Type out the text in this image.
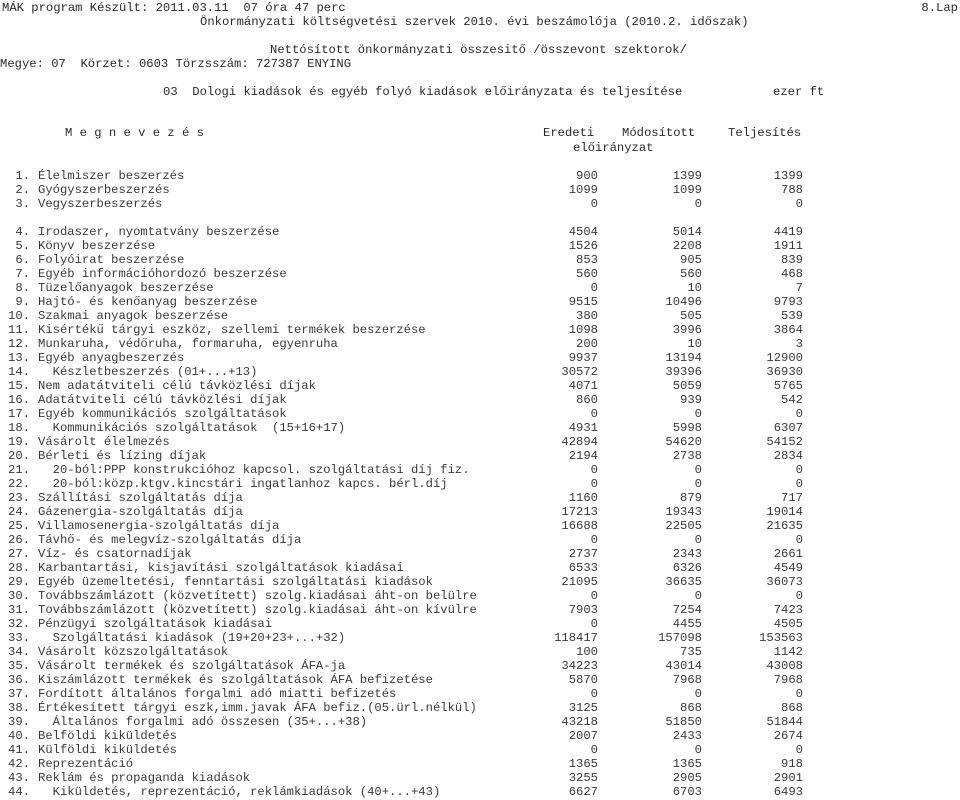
MÁK program Készült: 2011.03.11  07 óra 47 perc	8.Lap
Önkormányzati költségvetési szervek 2010. évi beszámolója (2010.2. időszak)
Nettósított önkormányzati összesitő /összevont szektorok/
Megye: 07  Körzet: 0603 Törzsszám: 727387 ENYING
03  Dologi kiadások és egyéb folyó kiadások előirányzata és teljesítése	ezer ft
M e g n e v e z é s	Eredeti Módosított	Teljesítés
előirányzat
1. Élelmiszer beszerzés	900	1399	1399
2. Gyógyszerbeszerzés	1099	1099	788
3. Vegyszerbeszerzés	0	0	0
4. Irodaszer, nyomtatvány beszerzése	4504	5014	4419
5. Könyv beszerzése	1526	2208	1911
6. Folyóirat beszerzése	853	905	839
7. Egyéb információhordozó beszerzése	560	560	468
8. Tüzelőanyagok beszerzése	0	10	7
9. Hajtó- és kenőanyag beszerzése	9515	10496	9793
10. Szakmai anyagok beszerzése	380	505	539
11. Kisértékű tárgyi eszköz, szellemi termékek beszerzése	1098	3996	3864
12. Munkaruha, védőruha, formaruha, egyenruha	200	10	3
13. Egyéb anyagbeszerzés	9937	13194	12900
14. Készletbeszerzés (01+...+13)	30572	39396	36930
15. Nem adatátviteli célú távközlési díjak	4071	5059	5765
16. Adatátviteli célú távközlési díjak	860	939	542
17. Egyéb kommunikációs szolgáltatások	0	0	0
18. Kommunikációs szolgáltatások  (15+16+17)	4931	5998	6307
19. Vásárolt élelmezés	42894	54620	54152
20. Bérleti és lízing díjak	2194	2738	2834
21. 20-ból:PPP konstrukcióhoz kapcsol. szolgáltatási díj fiz.	0	0	0
22. 20-ból:közp.ktgv.kincstári ingatlanhoz kapcs. bérl.díj	0	0	0
23. Szállítási szolgáltatás díja	1160	879	717
24. Gázenergia-szolgáltatás díja	17213	19343	19014
25. Villamosenergia-szolgáltatás díja	16688	22505	21635
26. Távhő- és melegvíz-szolgáltatás díja	0	0	0
27. Víz- és csatornadíjak	2737	2343	2661
28. Karbantartási, kisjavítási szolgáltatások kiadásai	6533	6326	4549
29. Egyéb üzemeltetési, fenntartási szolgáltatási kiadások	21095	36635	36073
30. Továbbszámlázott (közvetített) szolg.kiadásai áht-on belülre	0	0	0
31. Továbbszámlázott (közvetített) szolg.kiadásai áht-on kívülre	7903	7254	7423
32. Pénzügyi szolgáltatások kiadásai	0	4455	4505
33. Szolgáltatási kiadások (19+20+23+...+32)	118417	157098	153563
34. Vásárolt közszolgáltatások	100	735	1142
35. Vásárolt termékek és szolgáltatások ÁFA-ja	34223	43014	43008
36. Kiszámlázott termékek és szolgáltatások ÁFA befizetése	5870	7968	7968
37. Fordított általános forgalmi adó miatti befizetés	0	0	0
38. Értékesített tárgyi eszk,imm.javak ÁFA befiz.(05.ürl.nélkül)	3125	868	868
39. Általános forgalmi adó összesen (35+...+38)	43218	51850	51844
40. Belföldi kiküldetés	2007	2433	2674
41. Külföldi kiküldetés	0	0	0
42. Reprezentáció	1365	1365	918
43. Reklám és propaganda kiadások	3255	2905	2901
44. Kiküldetés, reprezentáció, reklámkiadások (40+...+43)	6627	6703	6493
